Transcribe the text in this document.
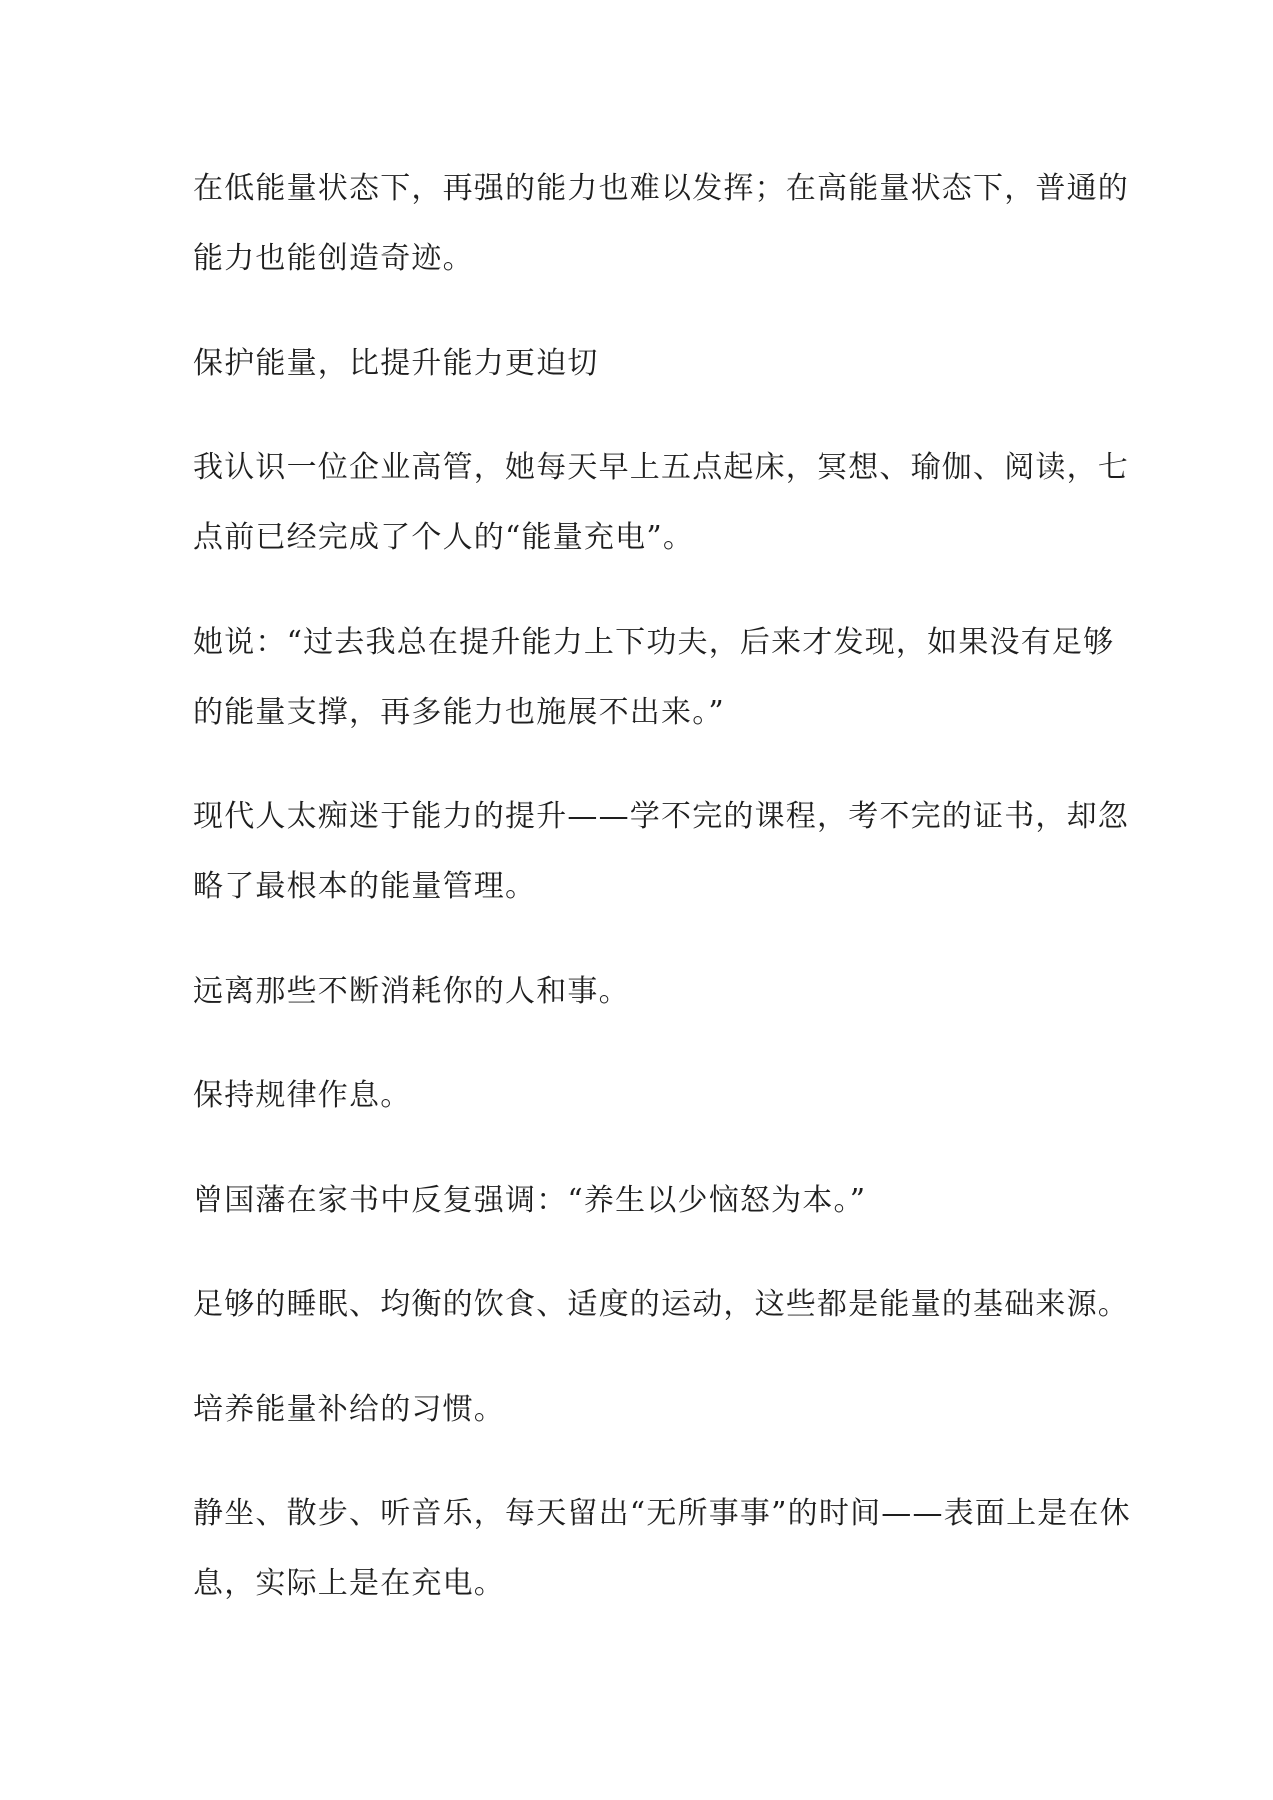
在低能量状态下，再强的能力也难以发挥；在高能量状态下，普通的
能力也能创造奇迹。

保护能量，比提升能力更迫切

我认识一位企业高管，她每天早上五点起床，冥想、瑜伽、阅读，七
点前已经完成了个人的“能量充电”。

她说：“过去我总在提升能力上下功夫，后来才发现，如果没有足够
的能量支撑，再多能力也施展不出来。”

现代人太痴迷于能力的提升——学不完的课程，考不完的证书，却忽
略了最根本的能量管理。

远离那些不断消耗你的人和事。

保持规律作息。

曾国藩在家书中反复强调：“养生以少恼怒为本。”

足够的睡眠、均衡的饮食、适度的运动，这些都是能量的基础来源。

培养能量补给的习惯。

静坐、散步、听音乐，每天留出“无所事事”的时间——表面上是在休
息，实际上是在充电。
